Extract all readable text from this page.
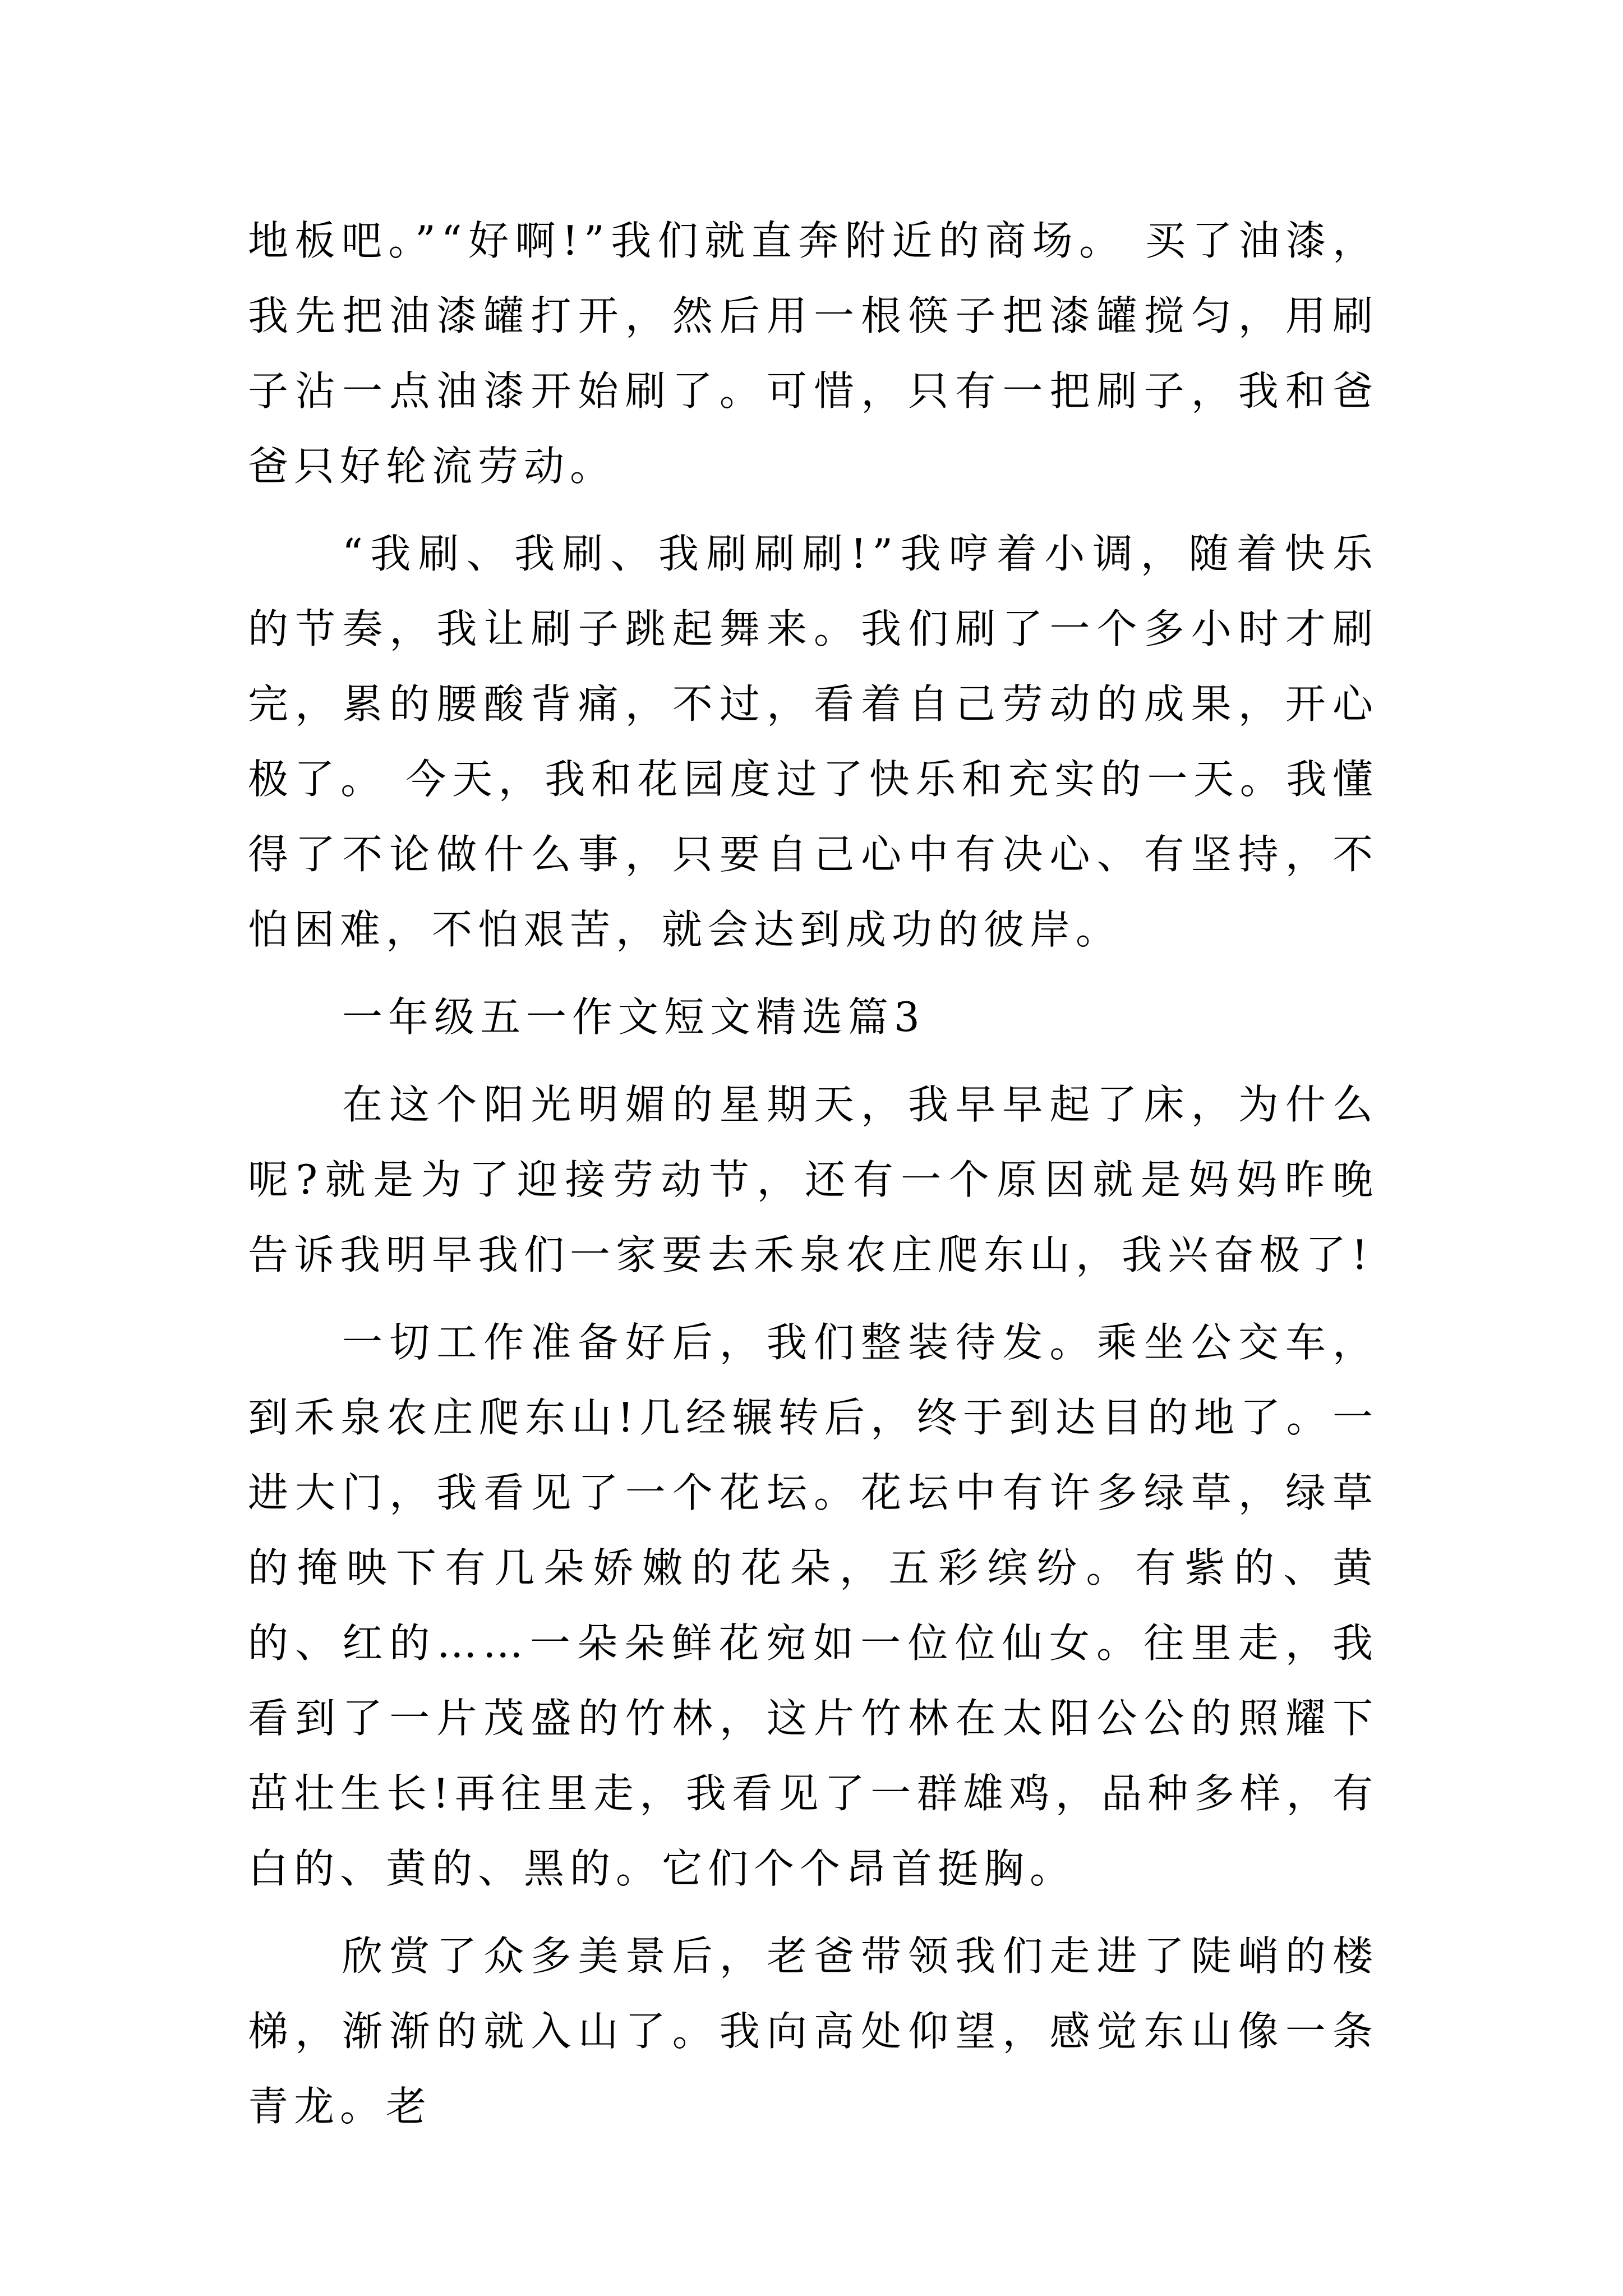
地板吧。”“好啊!”我们就直奔附近的商场。 买了油漆，我先把油漆罐打开，然后用一根筷子把漆罐搅匀，用刷子沾一点油漆开始刷了。可惜，只有一把刷子，我和爸爸只好轮流劳动。

“我刷、我刷、我刷刷刷!”我哼着小调，随着快乐的节奏，我让刷子跳起舞来。我们刷了一个多小时才刷完，累的腰酸背痛，不过，看着自己劳动的成果，开心极了。 今天，我和花园度过了快乐和充实的一天。我懂得了不论做什么事，只要自己心中有决心、有坚持，不怕困难，不怕艰苦，就会达到成功的彼岸。

一年级五一作文短文精选篇3

在这个阳光明媚的星期天，我早早起了床，为什么呢?就是为了迎接劳动节，还有一个原因就是妈妈昨晚告诉我明早我们一家要去禾泉农庄爬东山，我兴奋极了!

一切工作准备好后，我们整装待发。乘坐公交车，到禾泉农庄爬东山!几经辗转后，终于到达目的地了。一进大门，我看见了一个花坛。花坛中有许多绿草，绿草的掩映下有几朵娇嫩的花朵，五彩缤纷。有紫的、黄的、红的……一朵朵鲜花宛如一位位仙女。往里走，我看到了一片茂盛的竹林，这片竹林在太阳公公的照耀下茁壮生长!再往里走，我看见了一群雄鸡，品种多样，有白的、黄的、黑的。它们个个昂首挺胸。

欣赏了众多美景后，老爸带领我们走进了陡峭的楼梯，渐渐的就入山了。我向高处仰望，感觉东山像一条青龙。老
